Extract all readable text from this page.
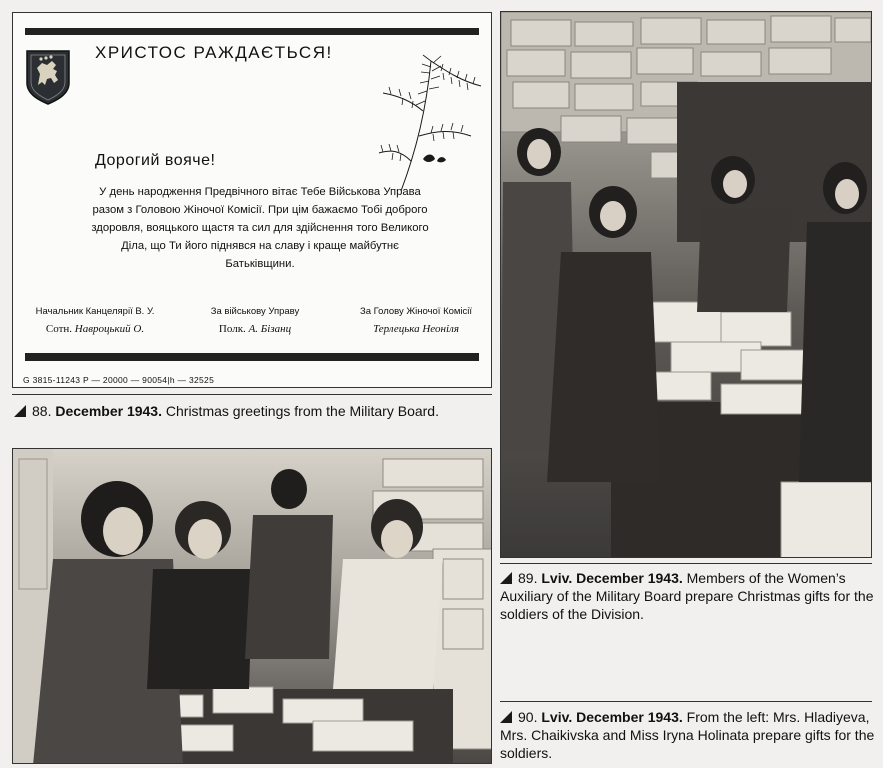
ХРИСТОС РАЖДАЄТЬСЯ!
Дорогий вояче!
У день народження Предвічного вітає Тебе Військова Управа разом з Головою Жіночої Комісії. При цім бажаємо Тобі доброго здоровля, вояцького щастя та сил для здійснення того Великого Діла, що Ти його піднявся на славу і краще майбутнє Батьківщини.
Начальник Канцелярії В. У.
Сотн. Навроцький О.
За військову Управу
Полк. А. Бізанц
За Голову Жіночої Комісії
Терлецька Неоніля
G 3815-11243 P — 20000 — 90054|h — 32525
88. December 1943. Christmas greetings from the Military Board.
89. Lviv. December 1943. Members of the Women’s Auxiliary of the Military Board prepare Christmas gifts for the soldiers of the Division.
90. Lviv. December 1943. From the left: Mrs. Hladiyeva, Mrs. Chaikivska and Miss Iryna Holinata prepare gifts for the soldiers.
